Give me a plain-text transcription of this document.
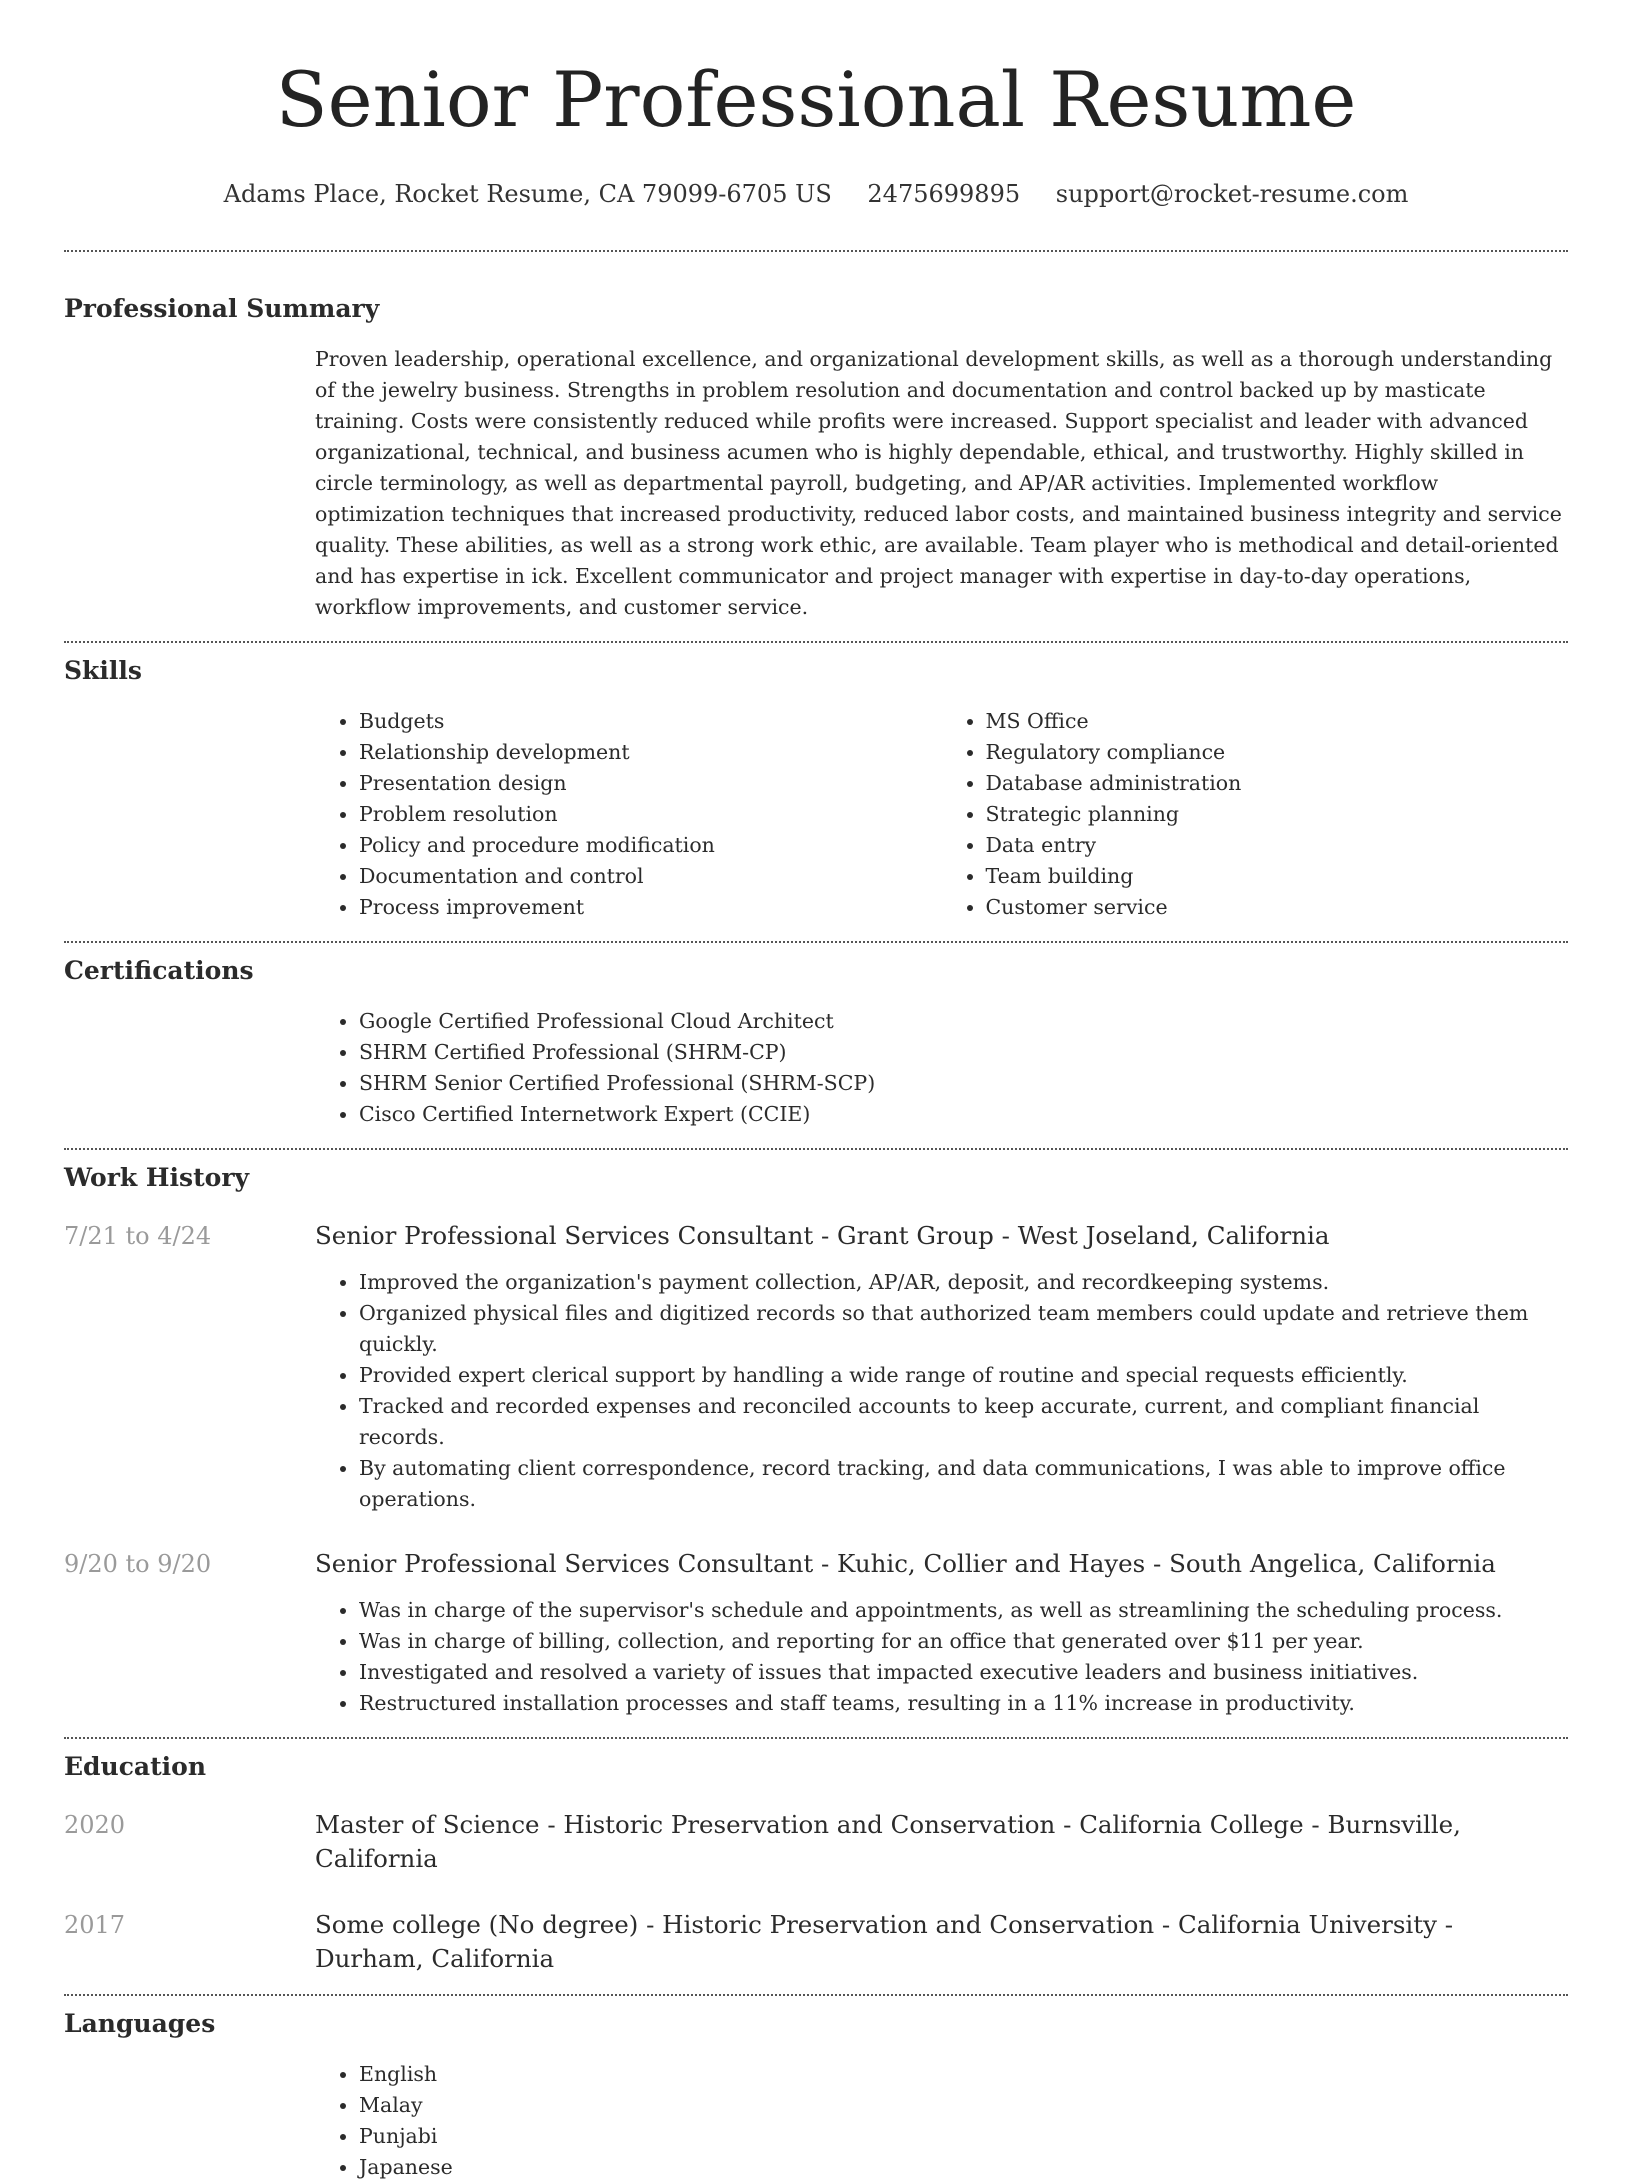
Senior Professional Resume
Adams Place, Rocket Resume, CA 79099-6705 US 2475699895 support@rocket-resume.com
Professional Summary
Proven leadership, operational excellence, and organizational development skills, as well as a thorough understanding of the jewelry business. Strengths in problem resolution and documentation and control backed up by masticate training. Costs were consistently reduced while profits were increased. Support specialist and leader with advanced organizational, technical, and business acumen who is highly dependable, ethical, and trustworthy. Highly skilled in circle terminology, as well as departmental payroll, budgeting, and AP/AR activities. Implemented workflow optimization techniques that increased productivity, reduced labor costs, and maintained business integrity and service quality. These abilities, as well as a strong work ethic, are available. Team player who is methodical and detail-oriented and has expertise in ick. Excellent communicator and project manager with expertise in day-to-day operations, workflow improvements, and customer service.
Skills
• Budgets
• Relationship development
• Presentation design
• Problem resolution
• Policy and procedure modification
• Documentation and control
• Process improvement
• MS Office
• Regulatory compliance
• Database administration
• Strategic planning
• Data entry
• Team building
• Customer service
Certifications
• Google Certified Professional Cloud Architect
• SHRM Certified Professional (SHRM-CP)
• SHRM Senior Certified Professional (SHRM-SCP)
• Cisco Certified Internetwork Expert (CCIE)
Work History
7/21 to 4/24	Senior Professional Services Consultant - Grant Group - West Joseland, California
• Improved the organization's payment collection, AP/AR, deposit, and recordkeeping systems.
• Organized physical files and digitized records so that authorized team members could update and retrieve them quickly.
• Provided expert clerical support by handling a wide range of routine and special requests efficiently.
• Tracked and recorded expenses and reconciled accounts to keep accurate, current, and compliant financial records.
• By automating client correspondence, record tracking, and data communications, I was able to improve office operations.
9/20 to 9/20	Senior Professional Services Consultant - Kuhic, Collier and Hayes - South Angelica, California
• Was in charge of the supervisor's schedule and appointments, as well as streamlining the scheduling process.
• Was in charge of billing, collection, and reporting for an office that generated over $11 per year.
• Investigated and resolved a variety of issues that impacted executive leaders and business initiatives.
• Restructured installation processes and staff teams, resulting in a 11% increase in productivity.
Education
2020	Master of Science - Historic Preservation and Conservation - California College - Burnsville, California
2017	Some college (No degree) - Historic Preservation and Conservation - California University - Durham, California
Languages
• English
• Malay
• Punjabi
• Japanese
